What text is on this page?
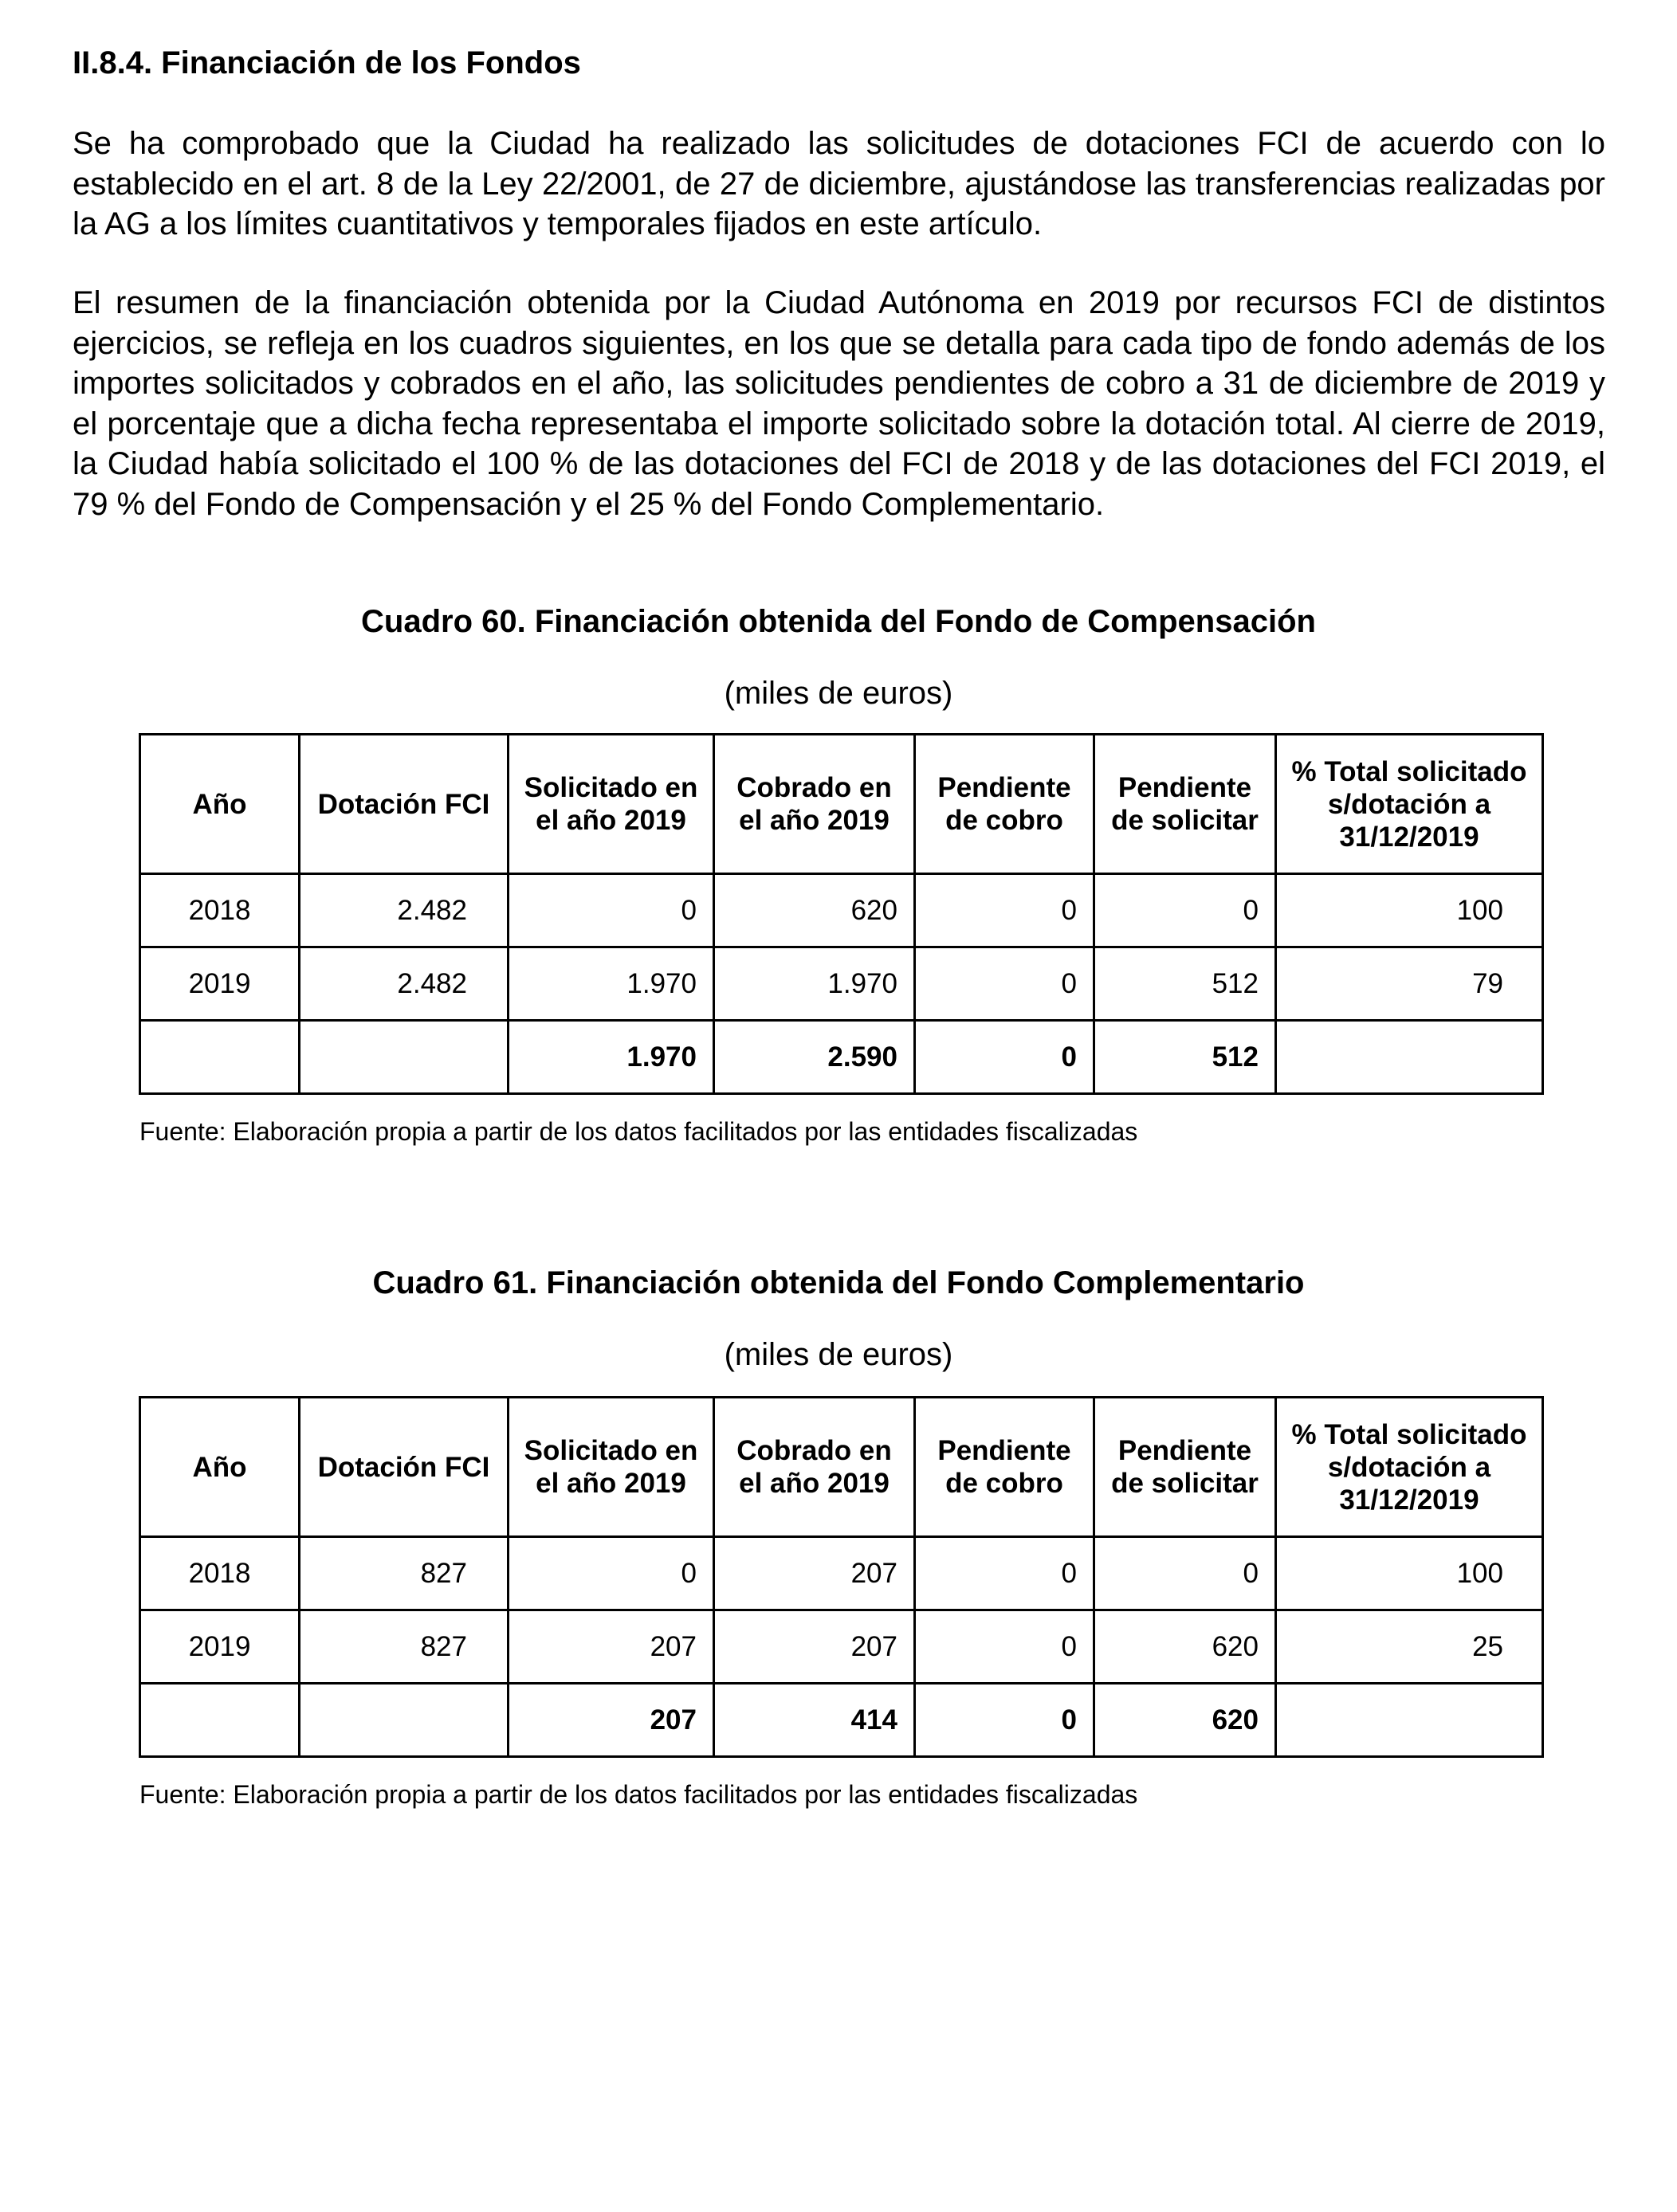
II.8.4. Financiación de los Fondos

Se ha comprobado que la Ciudad ha realizado las solicitudes de dotaciones FCI de acuerdo con lo establecido en el art. 8 de la Ley 22/2001, de 27 de diciembre, ajustándose las transferencias realizadas por la AG a los límites cuantitativos y temporales fijados en este artículo.

El resumen de la financiación obtenida por la Ciudad Autónoma en 2019 por recursos FCI de distintos ejercicios, se refleja en los cuadros siguientes, en los que se detalla para cada tipo de fondo además de los importes solicitados y cobrados en el año, las solicitudes pendientes de cobro a 31 de diciembre de 2019 y el porcentaje que a dicha fecha representaba el importe solicitado sobre la dotación total. Al cierre de 2019, la Ciudad había solicitado el 100 % de las dotaciones del FCI de 2018 y de las dotaciones del FCI 2019, el 79 % del Fondo de Compensación y el 25 % del Fondo Complementario.

Cuadro 60. Financiación obtenida del Fondo de Compensación

(miles de euros)

Año	Dotación FCI	Solicitado en el año 2019	Cobrado en el año 2019	Pendiente de cobro	Pendiente de solicitar	% Total solicitado s/dotación a 31/12/2019
2018	2.482	0	620	0	0	100
2019	2.482	1.970	1.970	0	512	79
		1.970	2.590	0	512	

Fuente: Elaboración propia a partir de los datos facilitados por las entidades fiscalizadas

Cuadro 61. Financiación obtenida del Fondo Complementario

(miles de euros)

Año	Dotación FCI	Solicitado en el año 2019	Cobrado en el año 2019	Pendiente de cobro	Pendiente de solicitar	% Total solicitado s/dotación a 31/12/2019
2018	827	0	207	0	0	100
2019	827	207	207	0	620	25
		207	414	0	620	

Fuente: Elaboración propia a partir de los datos facilitados por las entidades fiscalizadas
